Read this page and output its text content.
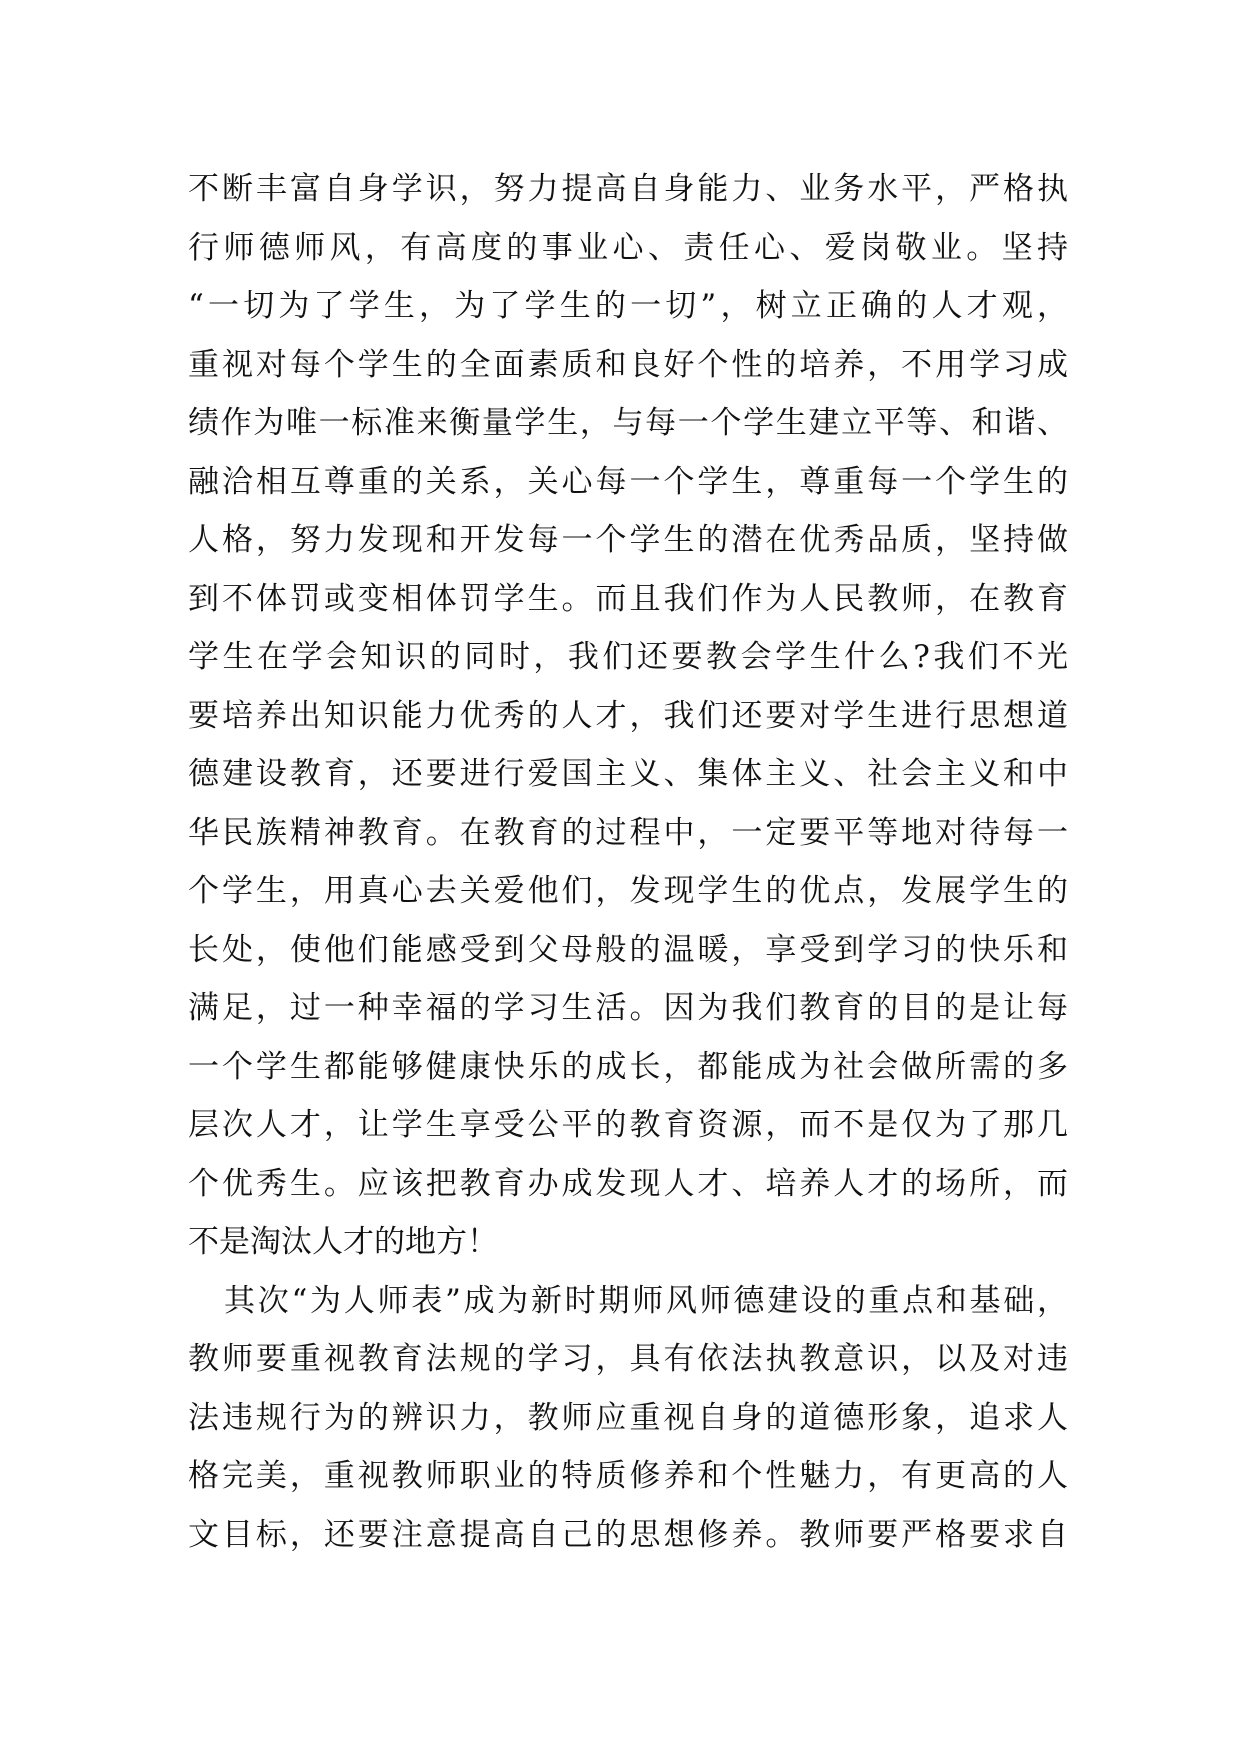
不断丰富自身学识，努力提高自身能力、业务水平，严格执
行师德师风，有高度的事业心、责任心、爱岗敬业。坚持
“一切为了学生，为了学生的一切”，树立正确的人才观，
重视对每个学生的全面素质和良好个性的培养，不用学习成
绩作为唯一标准来衡量学生，与每一个学生建立平等、和谐、
融洽相互尊重的关系，关心每一个学生，尊重每一个学生的
人格，努力发现和开发每一个学生的潜在优秀品质，坚持做
到不体罚或变相体罚学生。而且我们作为人民教师，在教育
学生在学会知识的同时，我们还要教会学生什么?我们不光
要培养出知识能力优秀的人才，我们还要对学生进行思想道
德建设教育，还要进行爱国主义、集体主义、社会主义和中
华民族精神教育。在教育的过程中，一定要平等地对待每一
个学生，用真心去关爱他们，发现学生的优点，发展学生的
长处，使他们能感受到父母般的温暖，享受到学习的快乐和
满足，过一种幸福的学习生活。因为我们教育的目的是让每
一个学生都能够健康快乐的成长，都能成为社会做所需的多
层次人才，让学生享受公平的教育资源，而不是仅为了那几
个优秀生。应该把教育办成发现人才、培养人才的场所，而
不是淘汰人才的地方！
其次“为人师表”成为新时期师风师德建设的重点和基础，
教师要重视教育法规的学习，具有依法执教意识，以及对违
法违规行为的辨识力，教师应重视自身的道德形象，追求人
格完美，重视教师职业的特质修养和个性魅力，有更高的人
文目标，还要注意提高自己的思想修养。教师要严格要求自
